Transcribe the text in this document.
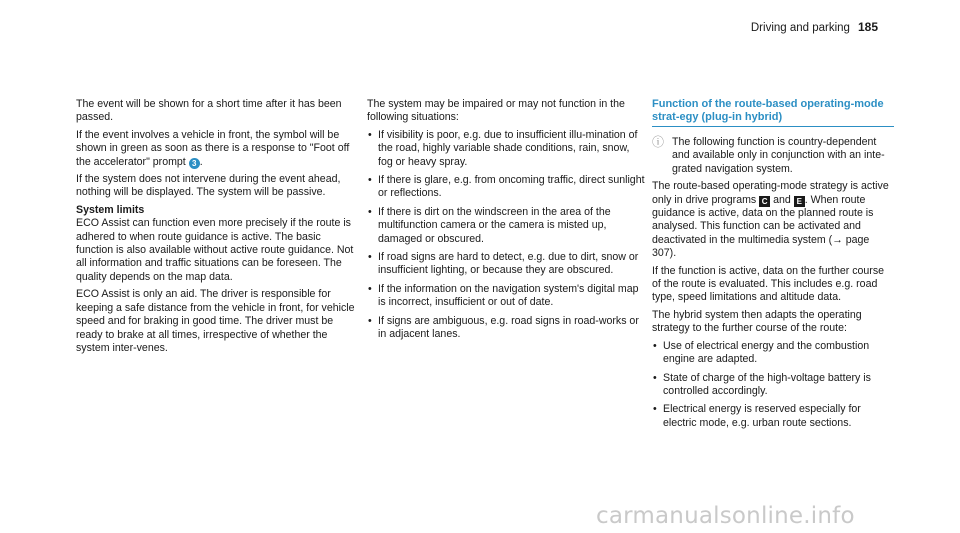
Driving and parking 185

The event will be shown for a short time after it has been passed.

If the event involves a vehicle in front, the symbol will be shown in green as soon as there is a response to "Foot off the accelerator" prompt 3 .

If the system does not intervene during the event ahead, nothing will be displayed. The system will be passive.

System limits

ECO Assist can function even more precisely if the route is adhered to when route guidance is active. The basic function is also available without active route guidance. Not all information and traffic situations can be foreseen. The quality depends on the map data.

ECO Assist is only an aid. The driver is responsible for keeping a safe distance from the vehicle in front, for vehicle speed and for braking in good time. The driver must be ready to brake at all times, irrespective of whether the system inter-venes.

The system may be impaired or may not function in the following situations:

• If visibility is poor, e.g. due to insufficient illu-mination of the road, highly variable shade conditions, rain, snow, fog or heavy spray.
• If there is glare, e.g. from oncoming traffic, direct sunlight or reflections.
• If there is dirt on the windscreen in the area of the multifunction camera or the camera is misted up, damaged or obscured.
• If road signs are hard to detect, e.g. due to dirt, snow or insufficient lighting, or because they are obscured.
• If the information on the navigation system's digital map is incorrect, insufficient or out of date.
• If signs are ambiguous, e.g. road signs in road-works or in adjacent lanes.
Function of the route-based operating-mode strat-egy (plug-in hybrid)
ⓘ The following function is country-dependent and available only in conjunction with an inte-grated navigation system.

The route-based operating-mode strategy is active only in drive programs C and E . When route guidance is active, data on the planned route is analysed. This function can be activated and deactivated in the multimedia system (→ page 307).

If the function is active, data on the further course of the route is evaluated. This includes e.g. road type, speed limitations and altitude data.

The hybrid system then adapts the operating strategy to the further course of the route:

• Use of electrical energy and the combustion engine are adapted.
• State of charge of the high-voltage battery is controlled accordingly.
• Electrical energy is reserved especially for electric mode, e.g. urban route sections.
carmanualsonline.info
